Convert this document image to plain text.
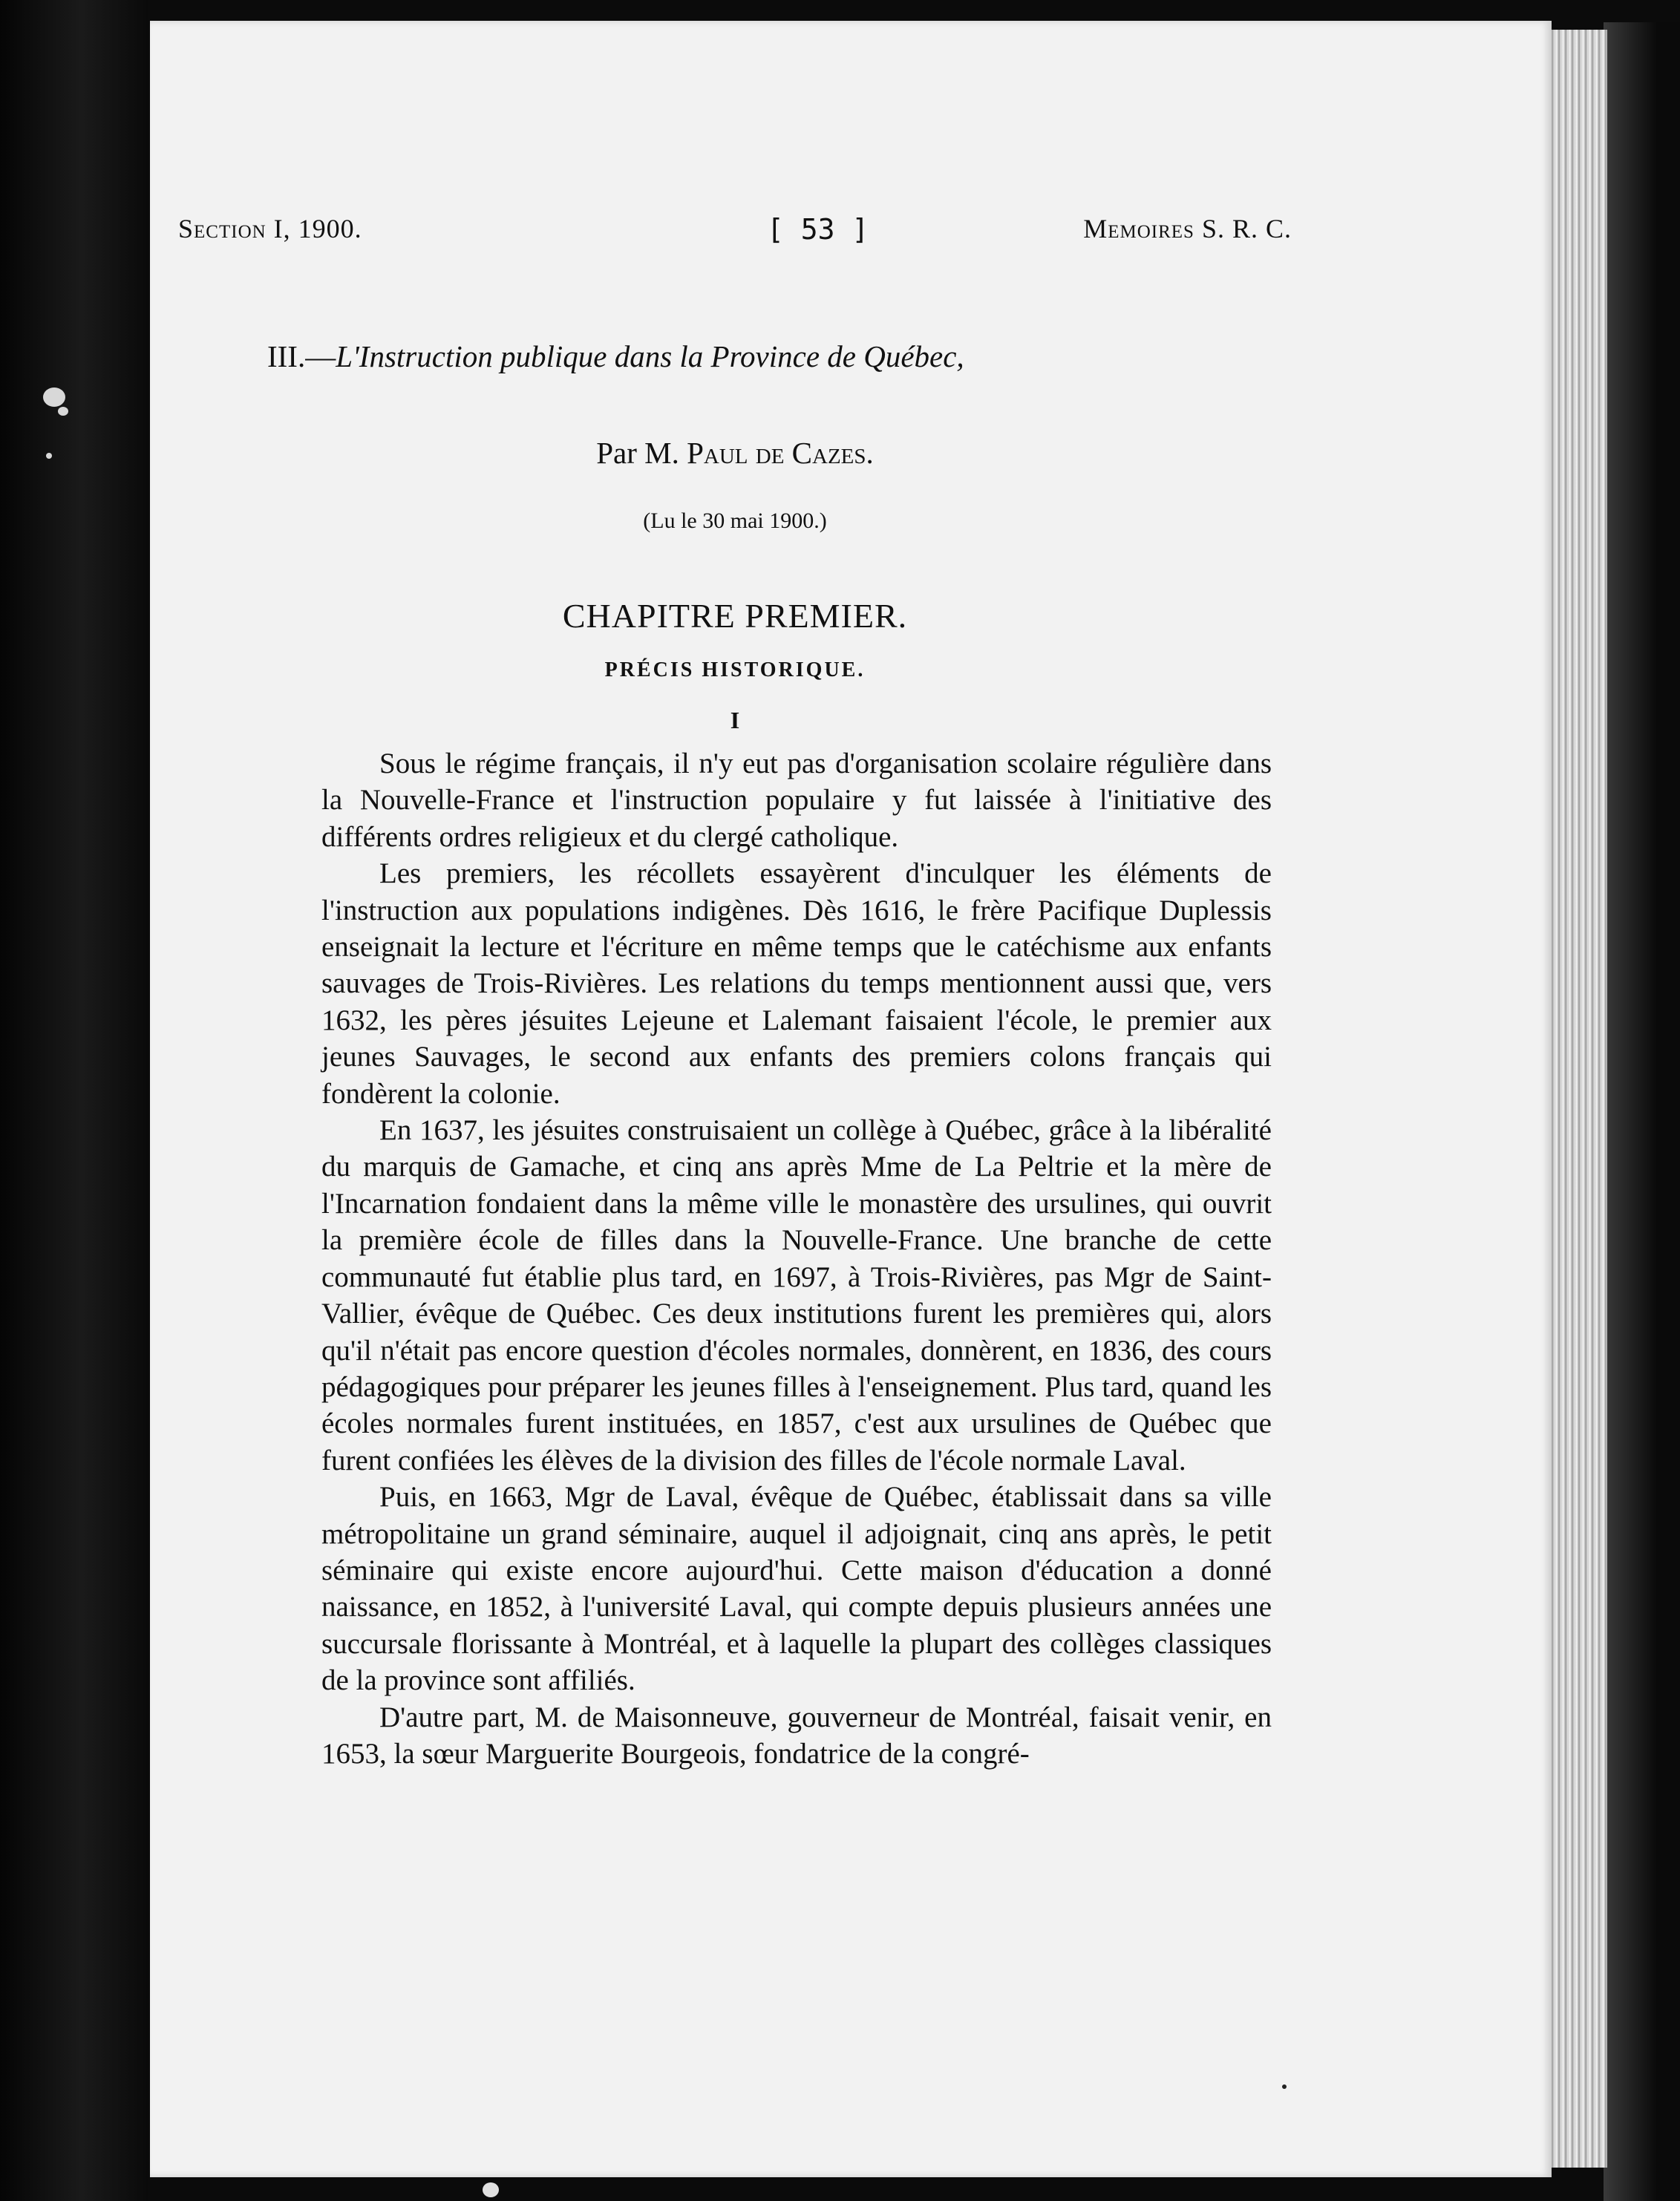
Section I, 1900.	[ 53 ]	Memoires S. R. C.
III.—L'Instruction publique dans la Province de Québec,
Par M. Paul de Cazes.
(Lu le 30 mai 1900.)
CHAPITRE PREMIER.
PRÉCIS HISTORIQUE.
I

Sous le régime français, il n'y eut pas d'organisation scolaire régulière dans la Nouvelle-France et l'instruction populaire y fut laissée à l'initiative des différents ordres religieux et du clergé catholique.

Les premiers, les récollets essayèrent d'inculquer les éléments de l'instruction aux populations indigènes. Dès 1616, le frère Pacifique Duplessis enseignait la lecture et l'écriture en même temps que le catéchisme aux enfants sauvages de Trois-Rivières. Les relations du temps mentionnent aussi que, vers 1632, les pères jésuites Lejeune et Lalemant faisaient l'école, le premier aux jeunes Sauvages, le second aux enfants des premiers colons français qui fondèrent la colonie.

En 1637, les jésuites construisaient un collège à Québec, grâce à la libéralité du marquis de Gamache, et cinq ans après Mme de La Peltrie et la mère de l'Incarnation fondaient dans la même ville le monastère des ursulines, qui ouvrit la première école de filles dans la Nouvelle-France. Une branche de cette communauté fut établie plus tard, en 1697, à Trois-Rivières, pas Mgr de Saint-Vallier, évêque de Québec. Ces deux institutions furent les premières qui, alors qu'il n'était pas encore question d'écoles normales, donnèrent, en 1836, des cours pédagogiques pour préparer les jeunes filles à l'enseignement. Plus tard, quand les écoles normales furent instituées, en 1857, c'est aux ursulines de Québec que furent confiées les élèves de la division des filles de l'école normale Laval.

Puis, en 1663, Mgr de Laval, évêque de Québec, établissait dans sa ville métropolitaine un grand séminaire, auquel il adjoignait, cinq ans après, le petit séminaire qui existe encore aujourd'hui. Cette maison d'éducation a donné naissance, en 1852, à l'université Laval, qui compte depuis plusieurs années une succursale florissante à Montréal, et à laquelle la plupart des collèges classiques de la province sont affiliés.

D'autre part, M. de Maisonneuve, gouverneur de Montréal, faisait venir, en 1653, la sœur Marguerite Bourgeois, fondatrice de la congré-
